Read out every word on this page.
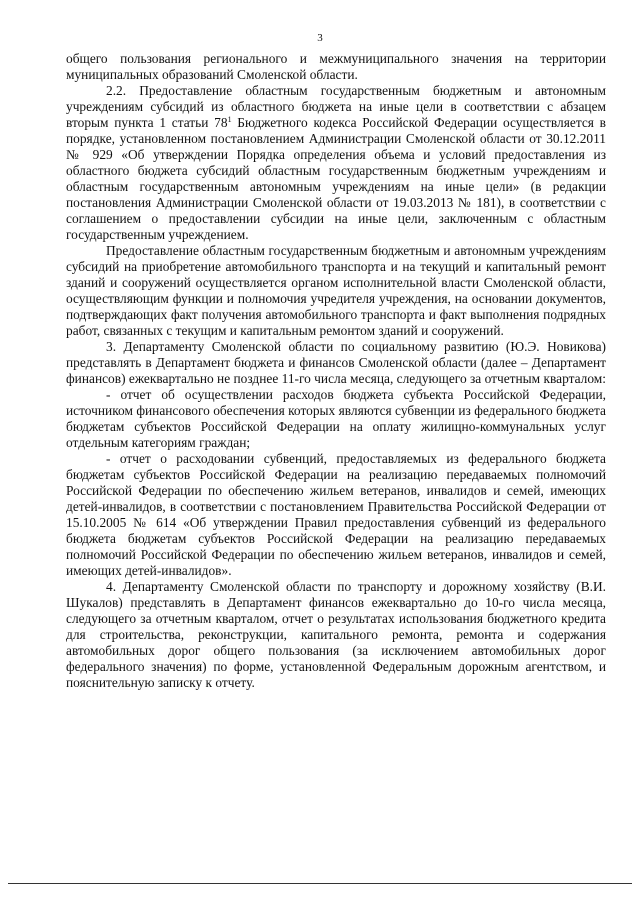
3

общего пользования регионального и межмуниципального значения на территории муниципальных образований Смоленской области.

2.2. Предоставление областным государственным бюджетным и автономным учреждениям субсидий из областного бюджета на иные цели в соответствии с абзацем вторым пункта 1 статьи $78^1$ Бюджетного кодекса Российской Федерации осуществляется в порядке, установленном постановлением Администрации Смоленской области от 30.12.2011 № 929 «Об утверждении Порядка определения объема и условий предоставления из областного бюджета субсидий областным государственным бюджетным учреждениям и областным государственным автономным учреждениям на иные цели» (в редакции постановления Администрации Смоленской области от 19.03.2013 № 181), в соответствии с соглашением о предоставлении субсидии на иные цели, заключенным с областным государственным учреждением.

Предоставление областным государственным бюджетным и автономным учреждениям субсидий на приобретение автомобильного транспорта и на текущий и капитальный ремонт зданий и сооружений осуществляется органом исполнительной власти Смоленской области, осуществляющим функции и полномочия учредителя учреждения, на основании документов, подтверждающих факт получения автомобильного транспорта и факт выполнения подрядных работ, связанных с текущим и капитальным ремонтом зданий и сооружений.

3. Департаменту Смоленской области по социальному развитию (Ю.Э. Новикова) представлять в Департамент бюджета и финансов Смоленской области (далее – Департамент финансов) ежеквартально не позднее 11-го числа месяца, следующего за отчетным кварталом:

- отчет об осуществлении расходов бюджета субъекта Российской Федерации, источником финансового обеспечения которых являются субвенции из федерального бюджета бюджетам субъектов Российской Федерации на оплату жилищно-коммунальных услуг отдельным категориям граждан;

- отчет о расходовании субвенций, предоставляемых из федерального бюджета бюджетам субъектов Российской Федерации на реализацию передаваемых полномочий Российской Федерации по обеспечению жильем ветеранов, инвалидов и семей, имеющих детей-инвалидов, в соответствии с постановлением Правительства Российской Федерации от 15.10.2005 № 614 «Об утверждении Правил предоставления субвенций из федерального бюджета бюджетам субъектов Российской Федерации на реализацию передаваемых полномочий Российской Федерации по обеспечению жильем ветеранов, инвалидов и семей, имеющих детей-инвалидов».

4. Департаменту Смоленской области по транспорту и дорожному хозяйству (В.И. Шукалов) представлять в Департамент финансов ежеквартально до 10-го числа месяца, следующего за отчетным кварталом, отчет о результатах использования бюджетного кредита для строительства, реконструкции, капитального ремонта, ремонта и содержания автомобильных дорог общего пользования (за исключением автомобильных дорог федерального значения) по форме, установленной Федеральным дорожным агентством, и пояснительную записку к отчету.
